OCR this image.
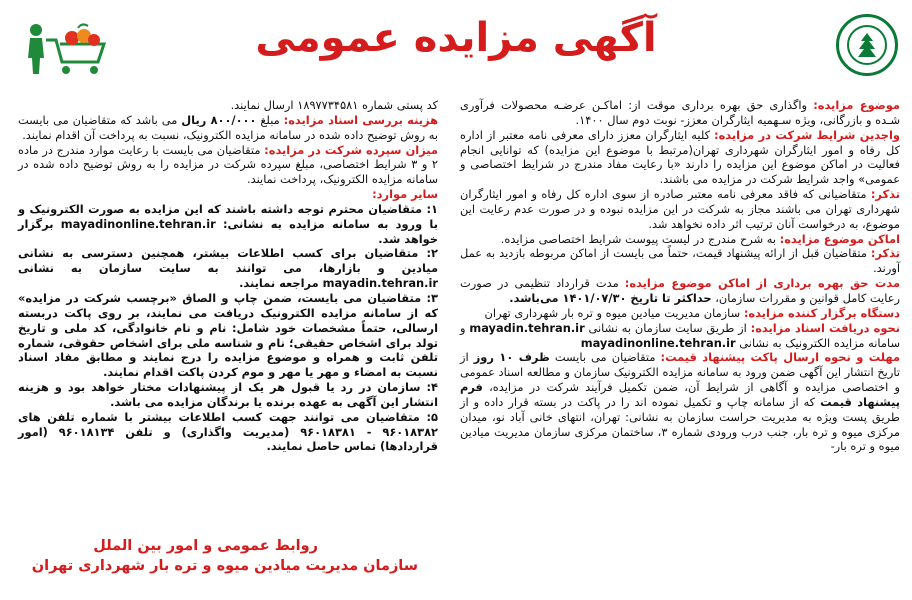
آگهی مزایده عمومی

موضوع مزایده: واگذاری حق بهره برداری موقت از: اماکـن عرضـه محصولات فرآوری شـده و بازرگانی، ویژه سـهمیه ایثارگران معزز- نوبت دوم سال ۱۴۰۰.

واجدین شرایط شرکت در مزایده: کلیه ایثارگران معزز دارای معرفی نامه معتبر از اداره کل رفاه و امور ایثارگران شهرداری تهران(مرتبط با موضوع این مزایده) که توانایی انجام فعالیت در اماکن موضوع این مزایده را دارند «با رعایت مفاد مندرج در شرایط اختصاصی و عمومی» واجد شرایط شرکت در مزایده می باشند.

تذکر: متقاضیانی که فاقد معرفی نامه معتبر صادره از سوی اداره کل رفاه و امور ایثارگران شهرداری تهران می باشند مجاز به شرکت در این مزایده نبوده و در صورت عدم رعایت این موضوع، به درخواست آنان ترتیب اثر داده نخواهد شد.

اماکن موضوع مزایده: به شرح مندرج در لیست پیوست شرایط اختصاصی مزایده.

تذکر: متقاضیان قبل از ارائه پیشنهاد قیمت، حتماً می بایست از اماکن مربوطه بازدید به عمل آورند.

مدت حق بهره برداری از اماکن موضوع مزایده: مدت قرارداد تنظیمی در صورت رعایت کامل قوانین و مقررات سازمان، حداکثر تا تاریخ ۱۴۰۱/۰۷/۳۰ می‌باشد.

دستگاه برگزار کننده مزایده: سازمان مدیریت میادین میوه و تره بار شهرداری تهران

نحوه دریافت اسناد مزایده: از طریق سایت سازمان به نشانی mayadin.tehran.ir و سامانه مزایده الکترونیک به نشانی mayadinonline.tehran.ir

مهلت و نحوه ارسال پاکت پیشنهاد قیمت: متقاضیان می بایست ظرف ۱۰ روز از تاریخ انتشار این آگهی ضمن ورود به سامانه مزایده الکترونیک سازمان و مطالعه اسناد عمومی و اختصاصی مزایده و آگاهی از شرایط آن، ضمن تکمیل فرآیند شرکت در مزایده، فرم پیشنهاد قیمت که از سامانه چاپ و تکمیل نموده اند را در پاکت در بسته قرار داده و از طریق پست ویژه به مدیریت حراست سازمان به نشانی: تهران، انتهای خانی آباد نو، میدان مرکزی میوه و تره بار، جنب درب ورودی شماره ۳، ساختمان مرکزی سازمان مدیریت میادین میوه و تره بار-

کد پستی شماره ۱۸۹۷۷۳۴۵۸۱ ارسال نمایند.

هزینه بررسی اسناد مزایده: مبلغ ۸۰۰/۰۰۰ ریال می باشد که متقاضیان می بایست به روش توضیح داده شده در سامانه مزایده الکترونیک، نسبت به پرداخت آن اقدام نمایند.

میزان سپرده شرکت در مزایده: متقاضیان می بایست با رعایت موارد مندرج در ماده ۲ و ۳ شرایط اختصاصی، مبلغ سپرده شرکت در مزایده را به روش توضیح داده شده در سامانه مزایده الکترونیک، پرداخت نمایند.

سایر موارد:

۱: متقاضیان محترم توجه داشته باشند که این مزایده به صورت الکترونیک و با ورود به سامانه مزایده به نشانی: mayadinonline.tehran.ir برگزار خواهد شد.

۲: متقاضیان برای کسب اطلاعات بیشتر، همچنین دسترسی به نشانی میادین و بازارها، می توانند به سایت سازمان به نشانی mayadin.tehran.ir مراجعه نمایند.

۳: متقاضیان می بایست، ضمن چاپ و الصاق «برچسب شرکت در مزایده» که از سامانه مزایده الکترونیک دریافت می نمایند، بر روی پاکت دربسته ارسالی، حتماً مشخصات خود شامل: نام و نام خانوادگی، کد ملی و تاریخ تولد برای اشخاص حقیقی؛ نام و شناسه ملی برای اشخاص حقوقی، شماره تلفن ثابت و همراه و موضوع مزایده را درج نمایند و مطابق مفاد اسناد نسبت به امضاء و مهر یا مهر و موم کردن پاکت اقدام نمایند.

۴: سازمان در رد یا قبول هر یک از پیشنهادات مختار خواهد بود و هزینه انتشار این آگهی به عهده برنده یا برندگان مزایده می باشد.

۵: متقاضیان می توانند جهت کسب اطلاعات بیشتر با شماره تلفن های ۹۶۰۱۸۳۸۲ - ۹۶۰۱۸۳۸۱ (مدیریت واگذاری) و تلفن ۹۶۰۱۸۱۳۴ (امور قراردادها) تماس حاصل نمایند.

روابط عمومی و امور بین الملل
سازمان مدیریت میادین میوه و تره بار شهرداری تهران
